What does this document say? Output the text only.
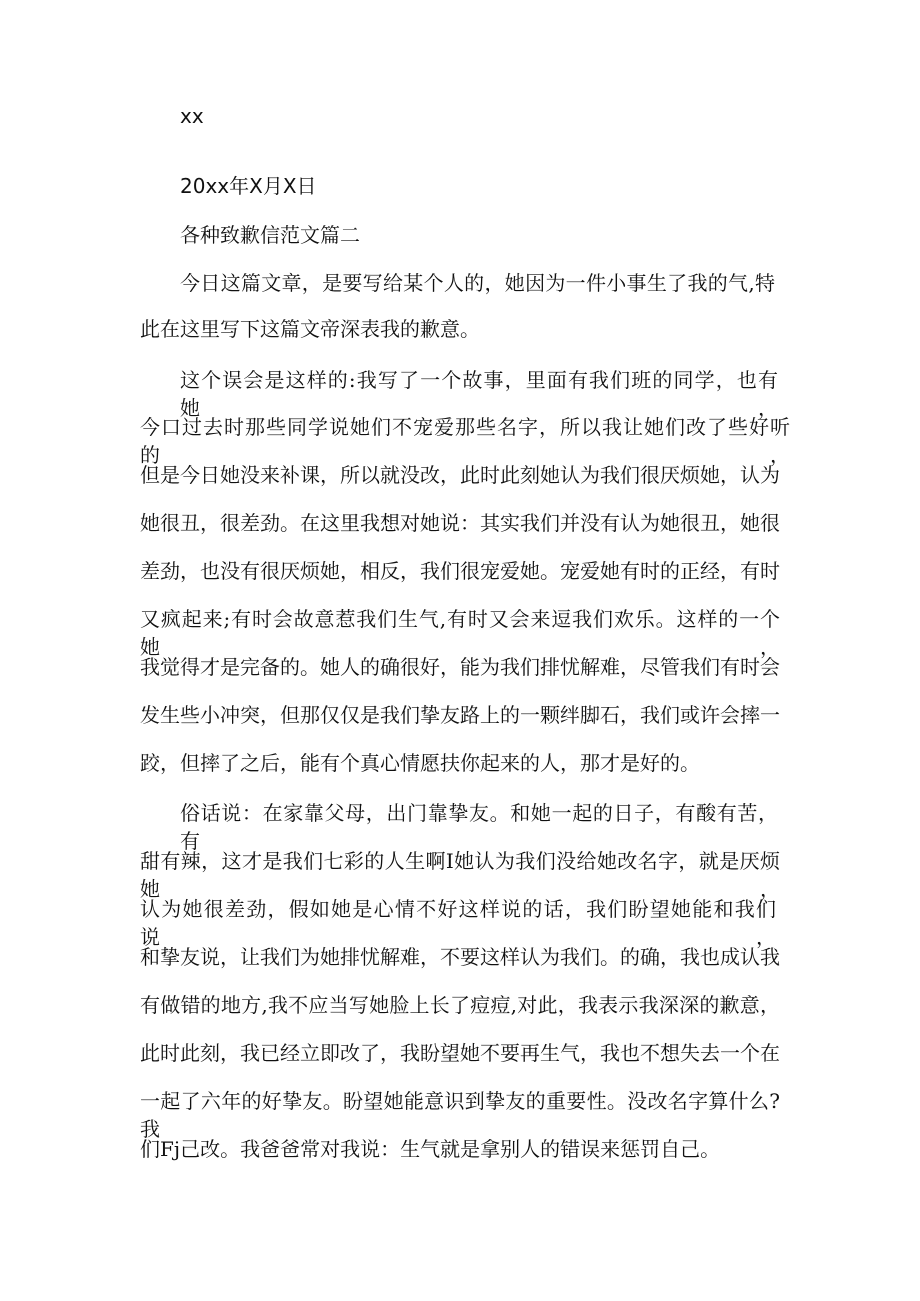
xx
20xx年X月X日
各种致歉信范文篇二
今日这篇文章，是要写给某个人的，她因为一件小事生了我的气,特
此在这里写下这篇文帝深表我的歉意。
这个误会是这样的:我写了一个故事，里面有我们班的同学，也有她，
今口过去时那些同学说她们不宠爱那些名字，所以我让她们改了些好听的，
但是今日她没来补课，所以就没改，此时此刻她认为我们很厌烦她，认为
她很丑，很差劲。在这里我想对她说：其实我们并没有认为她很丑，她很
差劲，也没有很厌烦她，相反，我们很宠爱她。宠爱她有时的正经，有时
又疯起来;有时会故意惹我们生气,有时又会来逗我们欢乐。这样的一个她，
我觉得才是完备的。她人的确很好，能为我们排忧解难，尽管我们有时会
发生些小冲突，但那仅仅是我们挚友路上的一颗绊脚石，我们或许会摔一
跤，但摔了之后，能有个真心情愿扶你起来的人，那才是好的。
俗话说：在家靠父母，出门靠挚友。和她一起的日子，有酸有苦，有
甜有辣，这才是我们七彩的人生啊I她认为我们没给她改名字，就是厌烦她，
认为她很差劲，假如她是心情不好这样说的话，我们盼望她能和我们说，
和挚友说，让我们为她排忧解难，不要这样认为我们。的确，我也成认我
有做错的地方,我不应当写她脸上长了痘痘,对此，我表示我深深的歉意，
此时此刻，我已经立即改了，我盼望她不要再生气，我也不想失去一个在
一起了六年的好挚友。盼望她能意识到挚友的重要性。没改名字算什么?我
们Fj己改。我爸爸常对我说：生气就是拿别人的错误来惩罚自己。
